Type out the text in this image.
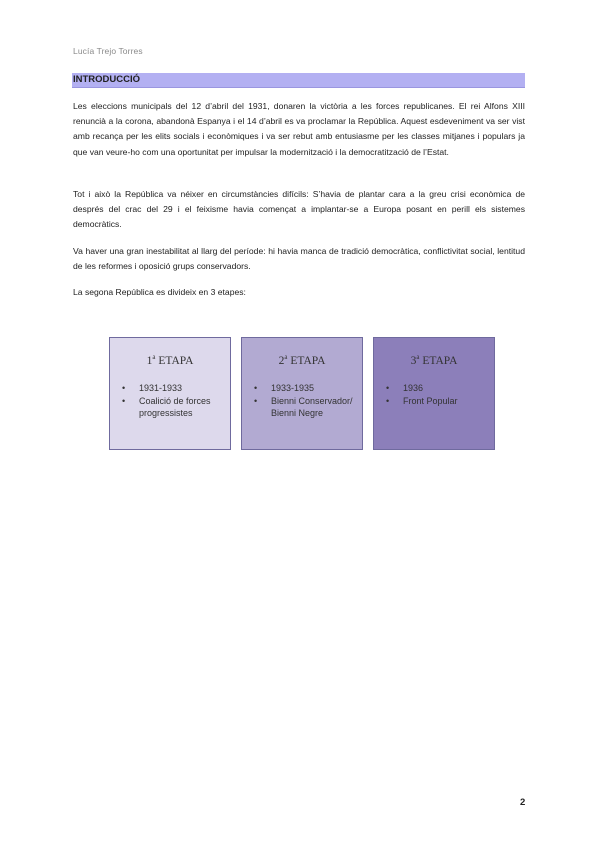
Lucía Trejo Torres
INTRODUCCIÓ

Les eleccions municipals del 12 d’abril del 1931, donaren la victòria a les forces republicanes. El rei Alfons XIII renuncià a la corona, abandonà Espanya i el 14 d’abril es va proclamar la República. Aquest esdeveniment va ser vist amb recança per les elits socials i econòmiques i va ser rebut amb entusiasme per les classes mitjanes i populars ja que van veure-ho com una oportunitat per impulsar la modernització i la democratització de l’Estat.

Tot i això la República va néixer en circumstàncies difícils: S’havia de plantar cara a la greu crisi econòmica de després del crac del 29 i el feixisme havia començat a implantar-se a Europa posant en perill els sistemes democràtics.

Va haver una gran inestabilitat al llarg del període: hi havia manca de tradició democràtica, conflictivitat social, lentitud de les reformes i oposició grups conservadors.

La segona República es divideix en 3 etapes:

1$^a$ ETAPA
• 1931-1933
• Coalició de forces progressistes
2$^a$ ETAPA
• 1933-1935
• Bienni Conservador/ Bienni Negre
3$^a$ ETAPA
• 1936
• Front Popular
2
